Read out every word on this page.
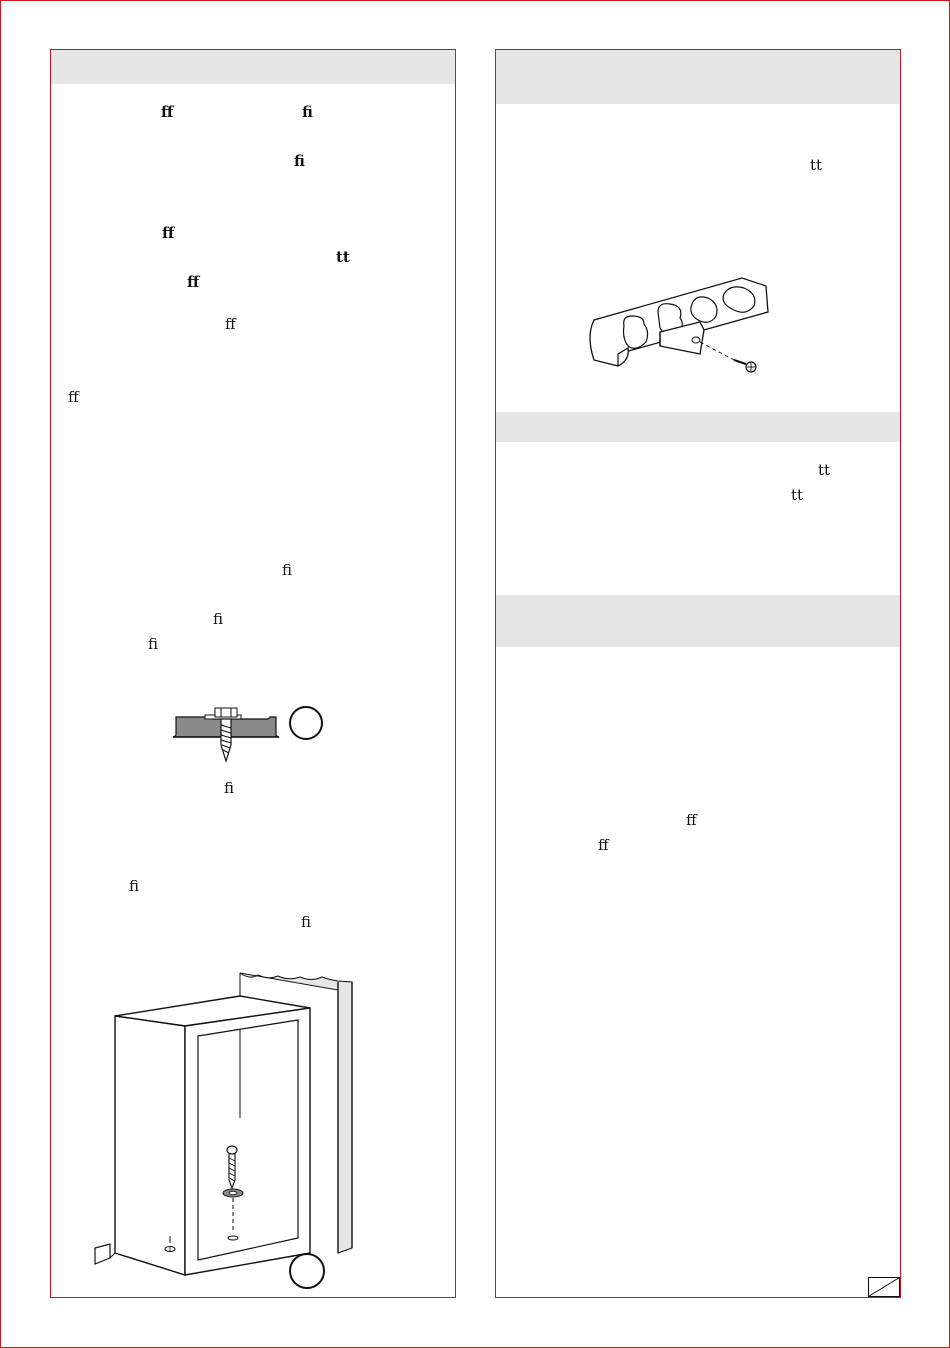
ﬀ	ﬁ
ﬁ
ﬀ
tt
ﬀ
ﬀ
ﬀ
ﬁ
ﬁ
ﬁ
ﬁ
ﬁ
ﬁ
tt
tt
tt
ﬀ
ﬀ
